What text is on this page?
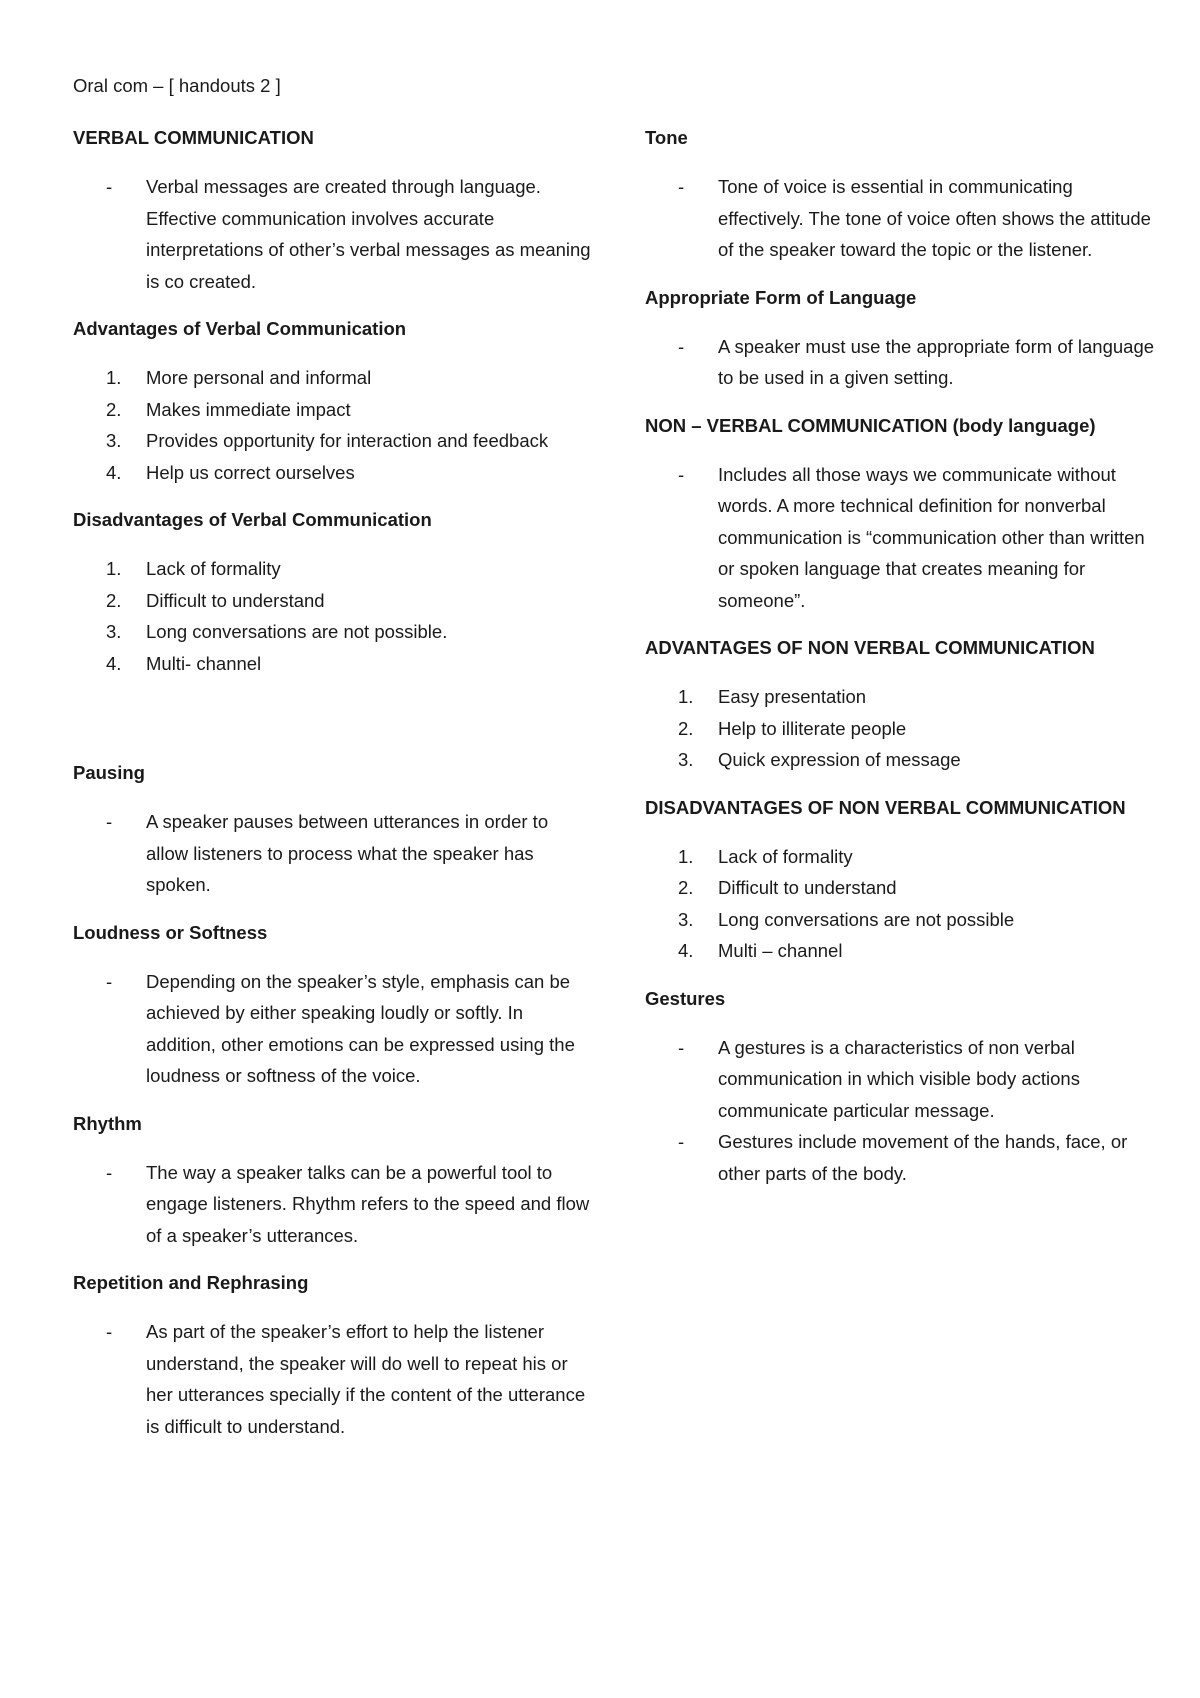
Oral com – [ handouts 2 ]
VERBAL COMMUNICATION
-	Verbal messages are created through language. Effective communication involves accurate interpretations of other’s verbal messages as meaning is co created.
Advantages of Verbal Communication
1.	More personal and informal
2.	Makes immediate impact
3.	Provides opportunity for interaction and feedback
4.	Help us correct ourselves
Disadvantages of Verbal Communication
1.	Lack of formality
2.	Difficult to understand
3.	Long conversations are not possible.
4.	Multi- channel
Pausing
-	A speaker pauses between utterances in order to allow listeners to process what the speaker has spoken.
Loudness or Softness
-	Depending on the speaker’s style, emphasis can be achieved by either speaking loudly or softly. In addition, other emotions can be expressed using the loudness or softness of the voice.
Rhythm
-	The way a speaker talks can be a powerful tool to engage listeners. Rhythm refers to the speed and flow of a speaker’s utterances.
Repetition and Rephrasing
-	As part of the speaker’s effort to help the listener understand, the speaker will do well to repeat his or her utterances specially if the content of the utterance is difficult to understand.
Tone
-	Tone of voice is essential in communicating effectively. The tone of voice often shows the attitude of the speaker toward the topic or the listener.
Appropriate Form of Language
-	A speaker must use the appropriate form of language to be used in a given setting.
NON – VERBAL COMMUNICATION (body language)
-	Includes all those ways we communicate without words. A more technical definition for nonverbal communication is “communication other than written or spoken language that creates meaning for someone”.
ADVANTAGES OF NON VERBAL COMMUNICATION
1.	Easy presentation
2.	Help to illiterate people
3.	Quick expression of message
DISADVANTAGES OF NON VERBAL COMMUNICATION
1.	Lack of formality
2.	Difficult to understand
3.	Long conversations are not possible
4.	Multi – channel
Gestures
-	A gestures is a characteristics of non verbal communication in which visible body actions communicate particular message.
-	Gestures include movement of the hands, face, or other parts of the body.
